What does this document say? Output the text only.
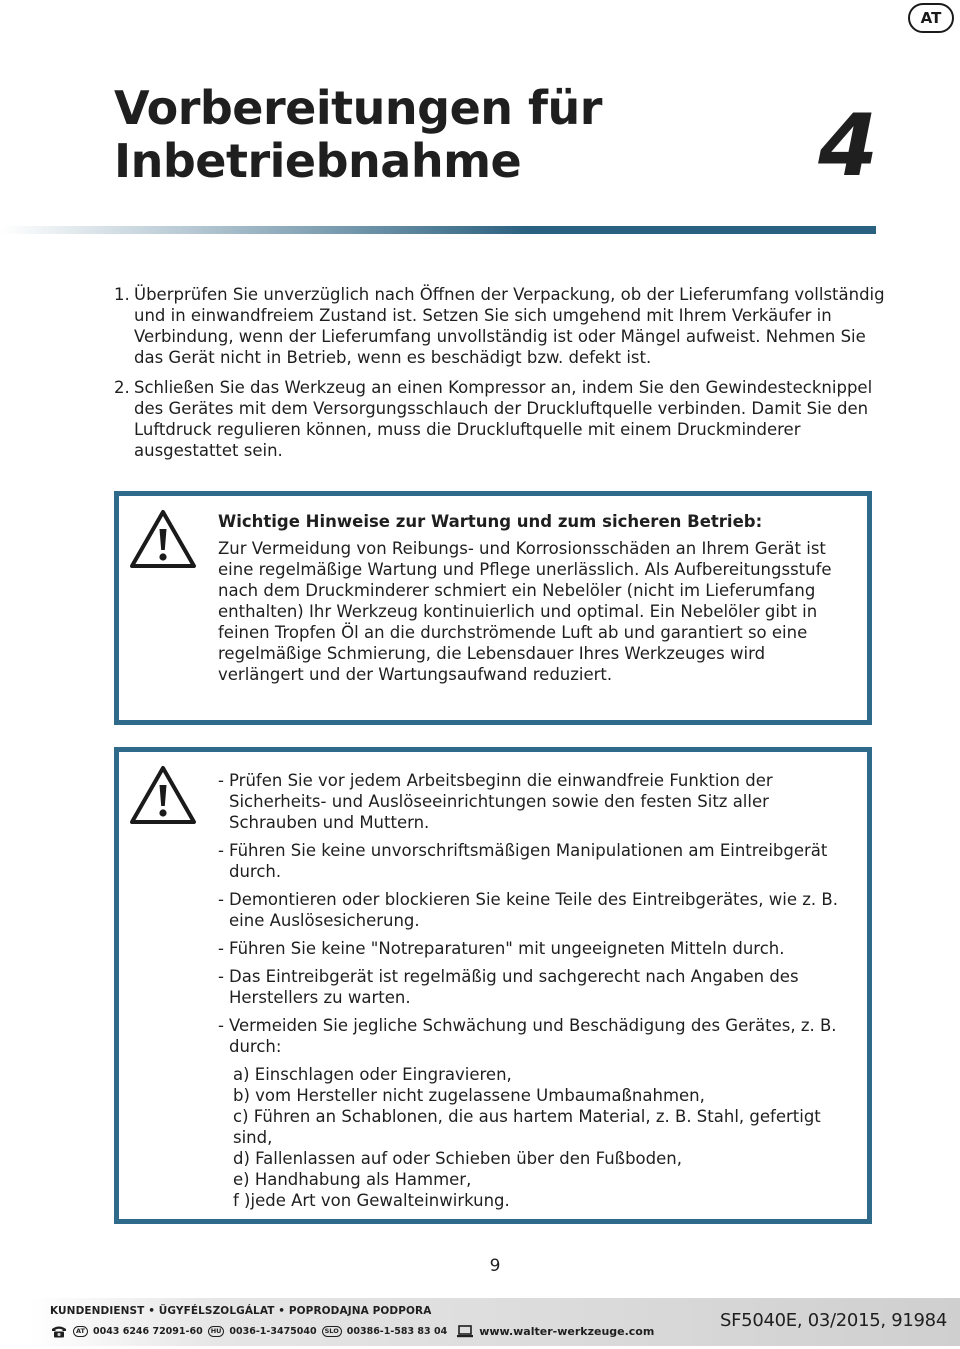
AT
Vorbereitungen für
Inbetriebnahme	4
1. Überprüfen Sie unverzüglich nach Öffnen der Verpackung, ob der Lieferumfang vollständig und in einwandfreiem Zustand ist. Setzen Sie sich umgehend mit Ihrem Verkäufer in Verbindung, wenn der Lieferumfang unvollständig ist oder Mängel aufweist. Nehmen Sie das Gerät nicht in Betrieb, wenn es beschädigt bzw. defekt ist.
2. Schließen Sie das Werkzeug an einen Kompressor an, indem Sie den Gewindestecknippel des Gerätes mit dem Versorgungsschlauch der Druckluftquelle verbinden. Damit Sie den Luftdruck regulieren können, muss die Druckluftquelle mit einem Druckminderer ausgestattet sein.

Wichtige Hinweise zur Wartung und zum sicheren Betrieb:

Zur Vermeidung von Reibungs- und Korrosionsschäden an Ihrem Gerät ist eine regelmäßige Wartung und Pflege unerlässlich. Als Aufbereitungsstufe nach dem Druckminderer schmiert ein Nebelöler (nicht im Lieferumfang enthalten) Ihr Werkzeug kontinuierlich und optimal. Ein Nebelöler gibt in feinen Tropfen Öl an die durchströmende Luft ab und garantiert so eine regelmäßige Schmierung, die Lebensdauer Ihres Werkzeuges wird verlängert und der Wartungsaufwand reduziert.

- Prüfen Sie vor jedem Arbeitsbeginn die einwandfreie Funktion der Sicherheits- und Auslöseeinrichtungen sowie den festen Sitz aller Schrauben und Muttern.
- Führen Sie keine unvorschriftsmäßigen Manipulationen am Eintreibgerät durch.
- Demontieren oder blockieren Sie keine Teile des Eintreibgerätes, wie z. B. eine Auslösesicherung.
- Führen Sie keine "Notreparaturen" mit ungeeigneten Mitteln durch.
- Das Eintreibgerät ist regelmäßig und sachgerecht nach Angaben des Herstellers zu warten.
- Vermeiden Sie jegliche Schwächung und Beschädigung des Gerätes, z. B. durch:
a) Einschlagen oder Eingravieren,
b) vom Hersteller nicht zugelassene Umbaumaßnahmen,
c) Führen an Schablonen, die aus hartem Material, z. B. Stahl, gefertigt sind,
d) Fallenlassen auf oder Schieben über den Fußboden,
e) Handhabung als Hammer,
f )jede Art von Gewalteinwirkung.
9
KUNDENDIENST • ÜGYFÉLSZOLGÁLAT • POPRODAJNA PODPORA
AT 0043 6246 72091-60	HU 0036-1-3475040	SLO 00386-1-583 83 04	www.walter-werkzeuge.com	SF5040E, 03/2015, 91984
